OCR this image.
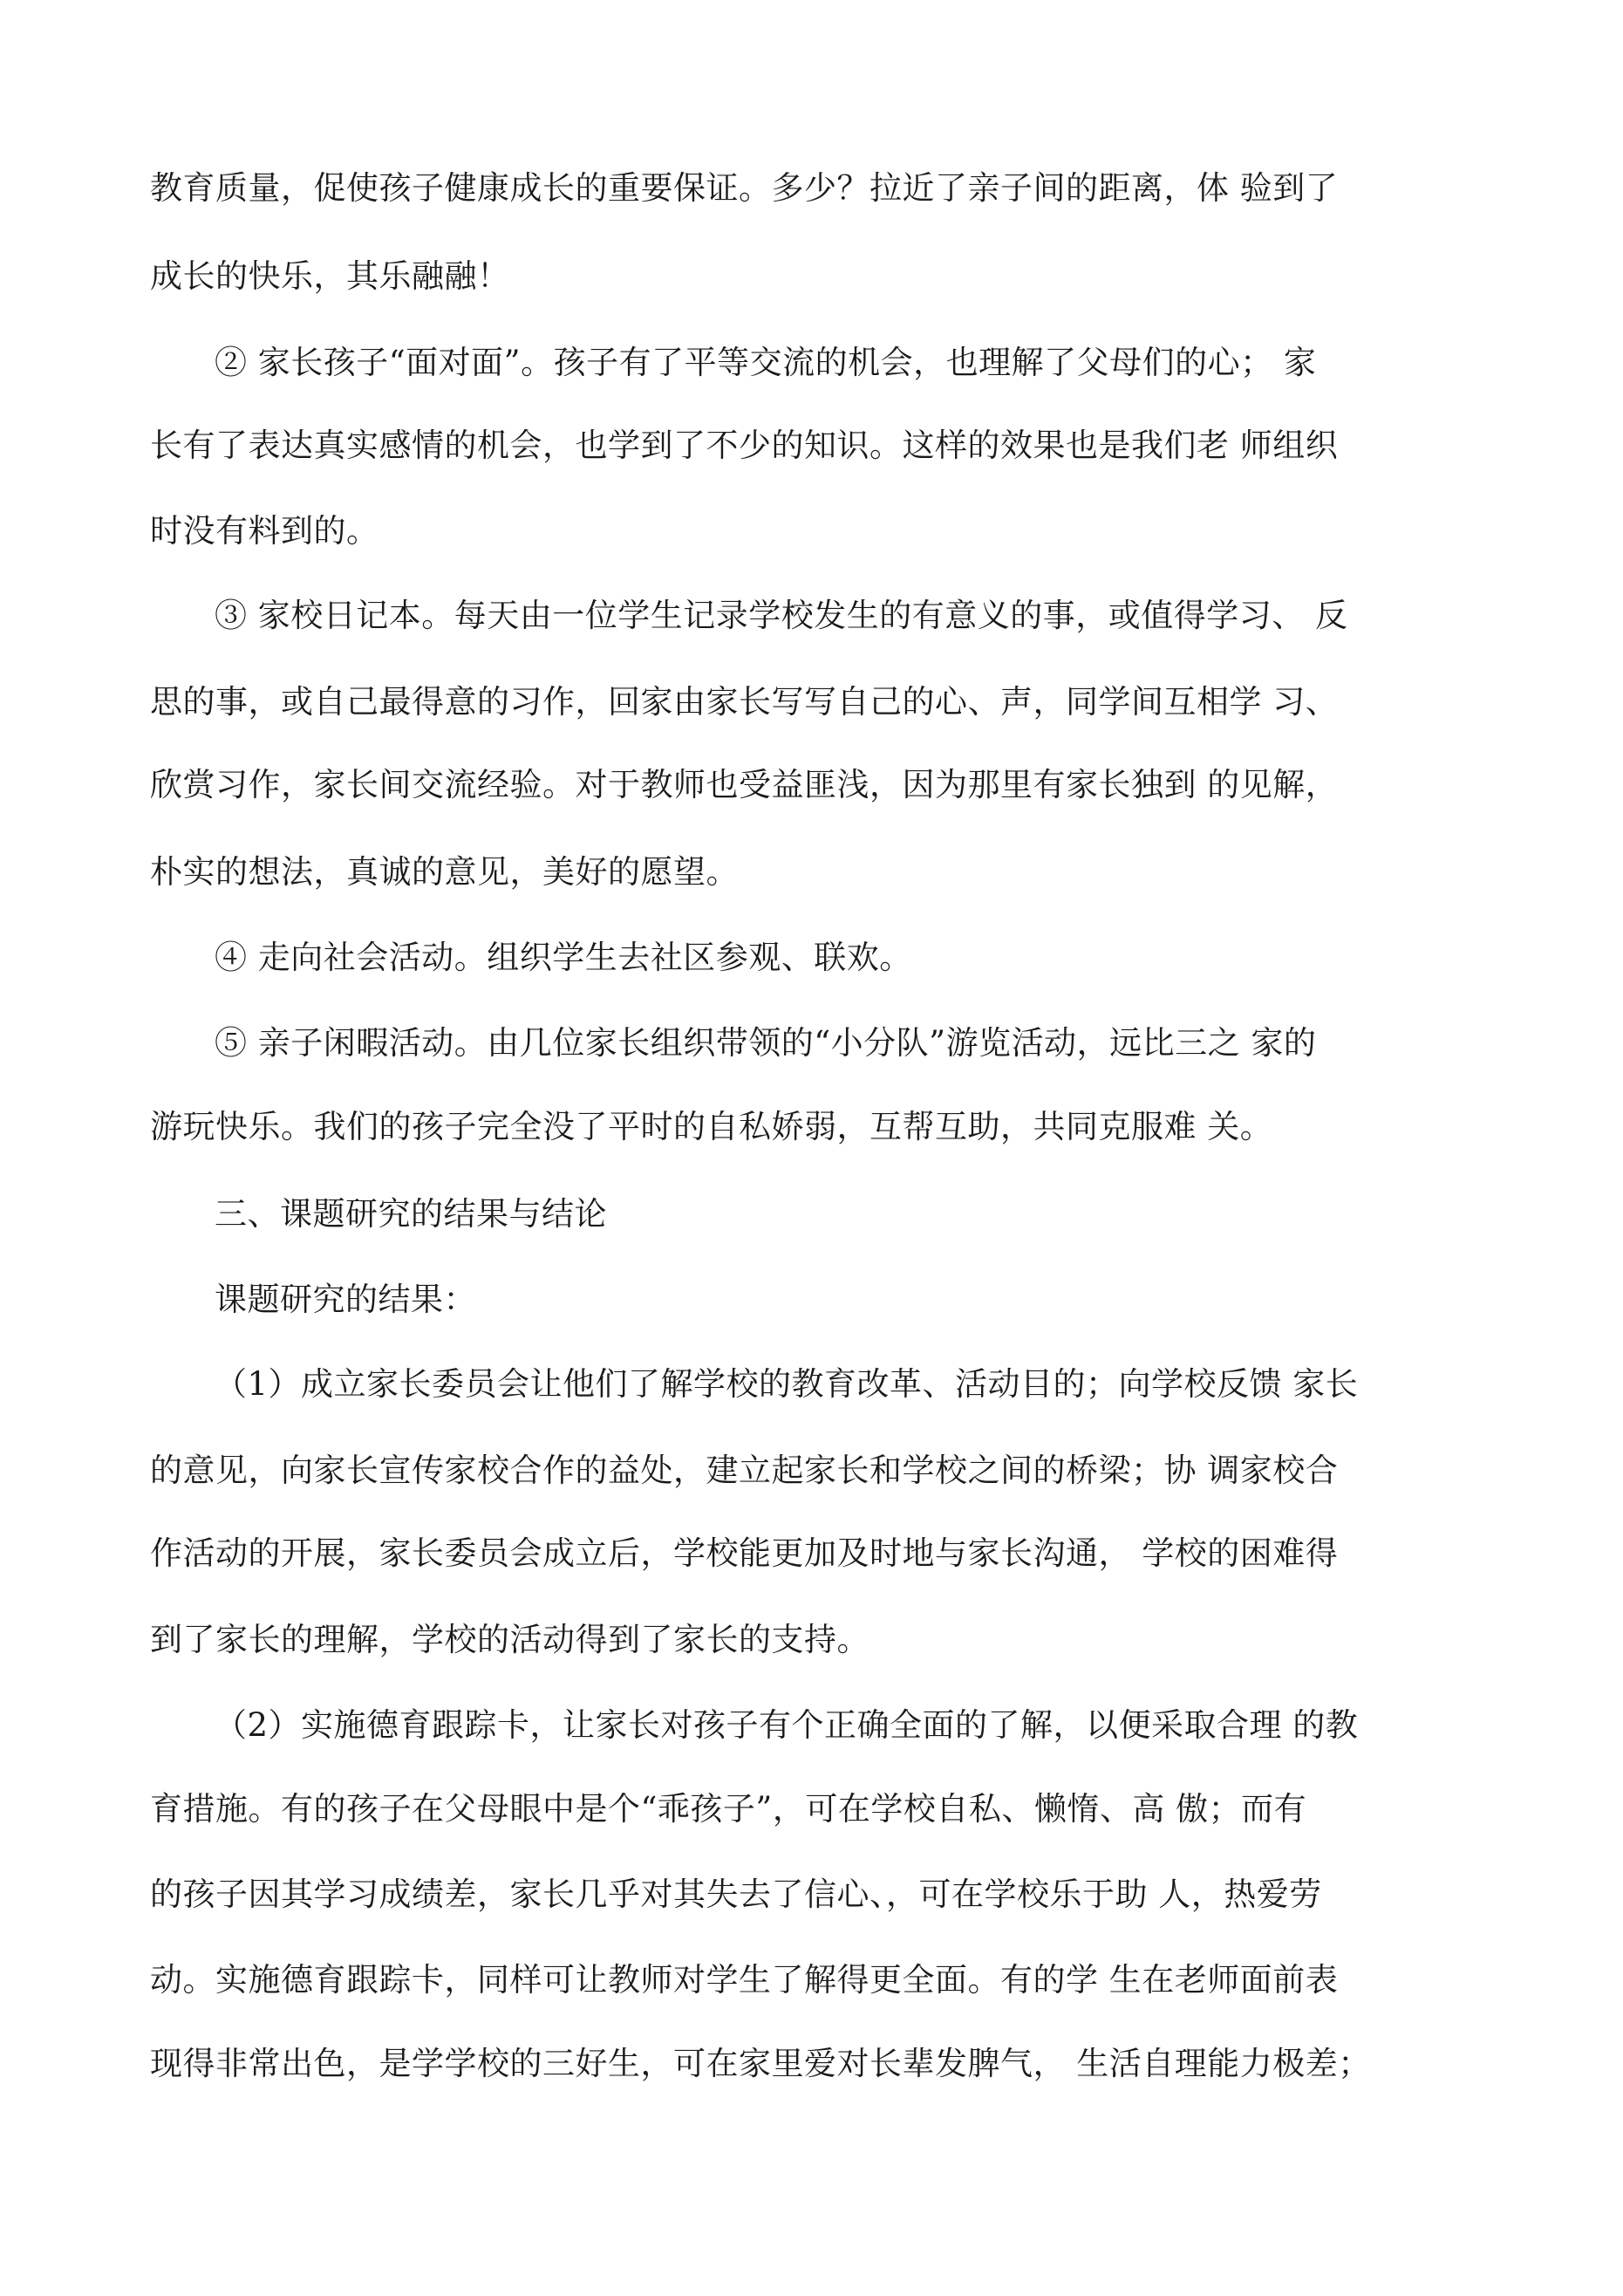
教育质量，促使孩子健康成长的重要保证。多少？拉近了亲子间的距离，体 验到了
成长的快乐，其乐融融！
② 家长孩子“面对面”。孩子有了平等交流的机会，也理解了父母们的心； 家
长有了表达真实感情的机会，也学到了不少的知识。这样的效果也是我们老 师组织
时没有料到的。
③ 家校日记本。每天由一位学生记录学校发生的有意义的事，或值得学习、 反
思的事，或自己最得意的习作，回家由家长写写自己的心、声，同学间互相学 习、
欣赏习作，家长间交流经验。对于教师也受益匪浅，因为那里有家长独到 的见解，
朴实的想法，真诚的意见，美好的愿望。
④ 走向社会活动。组织学生去社区参观、联欢。
⑤ 亲子闲暇活动。由几位家长组织带领的“小分队”游览活动，远比三之 家的
游玩快乐。我们的孩子完全没了平时的自私娇弱，互帮互助，共同克服难 关。
三、课题研究的结果与结论
课题研究的结果：
（1）成立家长委员会让他们了解学校的教育改革、活动目的；向学校反馈 家长
的意见，向家长宣传家校合作的益处，建立起家长和学校之间的桥梁；协 调家校合
作活动的开展，家长委员会成立后，学校能更加及时地与家长沟通， 学校的困难得
到了家长的理解，学校的活动得到了家长的支持。
（2）实施德育跟踪卡，让家长对孩子有个正确全面的了解，以便采取合理 的教
育措施。有的孩子在父母眼中是个“乖孩子”，可在学校自私、懒惰、高 傲；而有
的孩子因其学习成绩差，家长几乎对其失去了信心、，可在学校乐于助 人，热爱劳
动。实施德育跟踪卡，同样可让教师对学生了解得更全面。有的学 生在老师面前表
现得非常出色，是学学校的三好生，可在家里爱对长辈发脾气， 生活自理能力极差；
